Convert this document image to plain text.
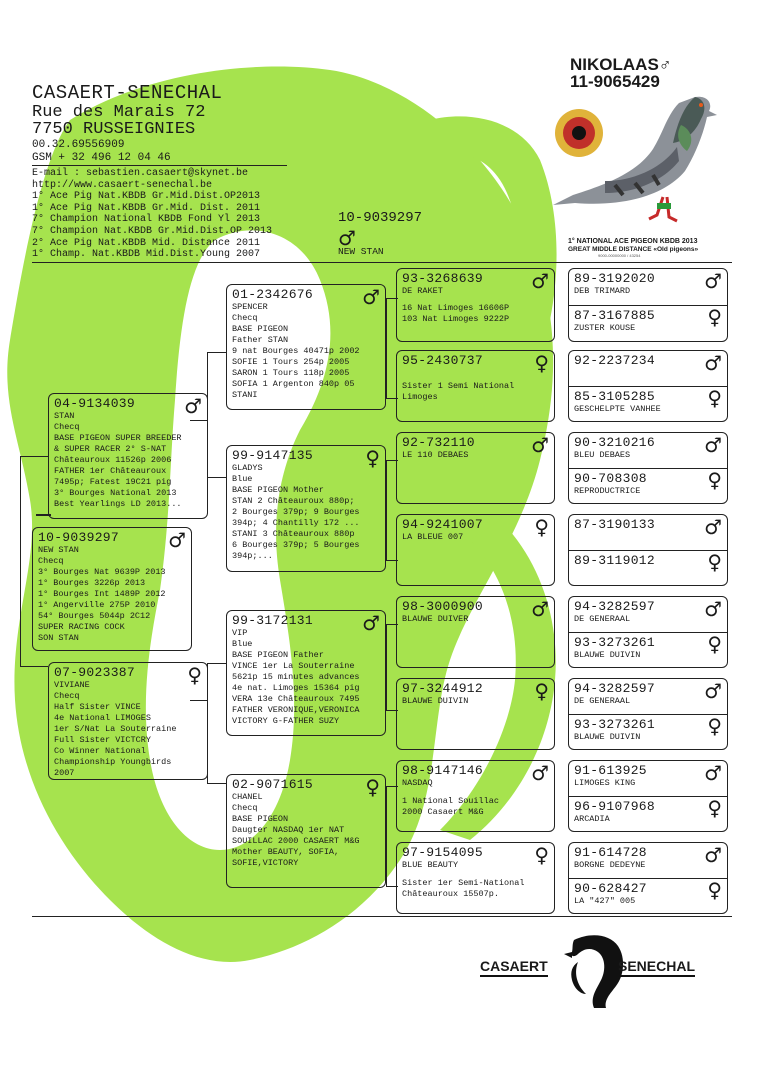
CASAERT-SENECHAL
Rue des Marais 72
7750 RUSSEIGNIES
00.32.69556909
GSM + 32 496 12 04 46
E-mail : sebastien.casaert@skynet.be
http://www.casaert-senechal.be
1° Ace Pig Nat.KBDB Gr.Mid.Dist.OP2013
1° Ace Pig Nat.KBDB Gr.Mid. Dist. 2011
7° Champion National KBDB Fond Yl 2013
7° Champion Nat.KBDB Gr.Mid.Dist.OP 2013
2° Ace Pig Nat.KBDB Mid. Distance 2011
1° Champ. Nat.KBDB Mid.Dist.Young 2007
10-9039297
♂
NEW STAN
NIKOLAAS♂
11-9065429
1° NATIONAL ACE PIGEON KBDB 2013
GREAT MIDDLE DISTANCE «Old pigeons»
9000-00000000 / 43254
10-9039297	♂
NEW STAN
Checq
3° Bourges Nat 9639P 2013
1° Bourges 3226p 2013
1° Bourges Int 1489P 2012
1° Angerville 275P 2010
54° Bourges 5044p 2C12
SUPER RACING COCK
SON STAN
04-9134039	♂
STAN
Checq
BASE PIGEON SUPER BREEDER
& SUPER RACER 2° S-NAT
Châteauroux 11526p 2006
FATHER 1er Châteauroux
7495p; Fatest 19C21 pig
3° Bourges National 2013
Best Yearlings LD 2013...
07-9023387	♀
VIVIANE
Checq
Half Sister VINCE
4e National LIMOGES
1er S/Nat La Souterraine
Full Sister VICTCRY
Co Winner National
Championship Youngbirds
2007
01-2342676	♂
SPENCER
Checq
BASE PIGEON
Father STAN
9 nat Bourges 40471p 2002
SOFIE 1 Tours 254p 2005
SARON 1 Tours 118p 2005
SOFIA 1 Argenton 840p 05
STANI
99-9147135	♀
GLADYS
Blue
BASE PIGEON Mother
STAN 2 Châteauroux 880p;
2 Bourges 379p; 9 Bourges
394p; 4 Chantilly 172 ...
STANI 3 Châteauroux 880p
6 Bourges 379p; 5 Bourges
394p;...
99-3172131	♂
VIP
Blue
BASE PIGEON Father
VINCE 1er La Souterraine
5621p 15 minutes advances
4e nat. Limoges 15364 pig
VERA 13e Châteauroux 7495
FATHER VERONIQUE,VERONICA
VICTORY G-FATHER SUZY
02-9071615	♀
CHANEL
Checq
BASE PIGEON
Daugter NASDAQ 1er NAT
SOUILLAC 2000 CASAERT M&G
Mother BEAUTY, SOFIA,
SOFIE,VICTORY
93-3268639	♂
DE RAKET
16 Nat Limoges 16606P
103 Nat Limoges 9222P
95-2430737	♀
Sister 1 Semi National
Limoges
92-732110	♂
LE 110 DEBAES
94-9241007	♀
LA BLEUE 007
98-3000900	♂
BLAUWE DUIVER
97-3244912	♀
BLAUWE DUIVIN
98-9147146	♂
NASDAQ
1 National Souillac
2000 Casaert M&G
97-9154095	♀
BLUE BEAUTY
Sister 1er Semi-National
Châteauroux 15507p.
89-3192020	♂
DEB TRIMARD
87-3167885	♀
ZUSTER KOUSE
92-2237234	♂
85-3105285	♀
GESCHELPTE VANHEE
90-3210216	♂
BLEU DEBAES
90-708308	♀
REPRODUCTRICE
87-3190133	♂
89-3119012	♀
94-3282597	♂
DE GENERAAL
93-3273261	♀
BLAUWE DUIVIN
94-3282597	♂
DE GENERAAL
93-3273261	♀
BLAUWE DUIVIN
91-613925	♂
LIMOGES KING
96-9107968	♀
ARCADIA
91-614728	♂
BORGNE DEDEYNE
90-628427	♀
LA "427" 005
CASAERT	SENECHAL
